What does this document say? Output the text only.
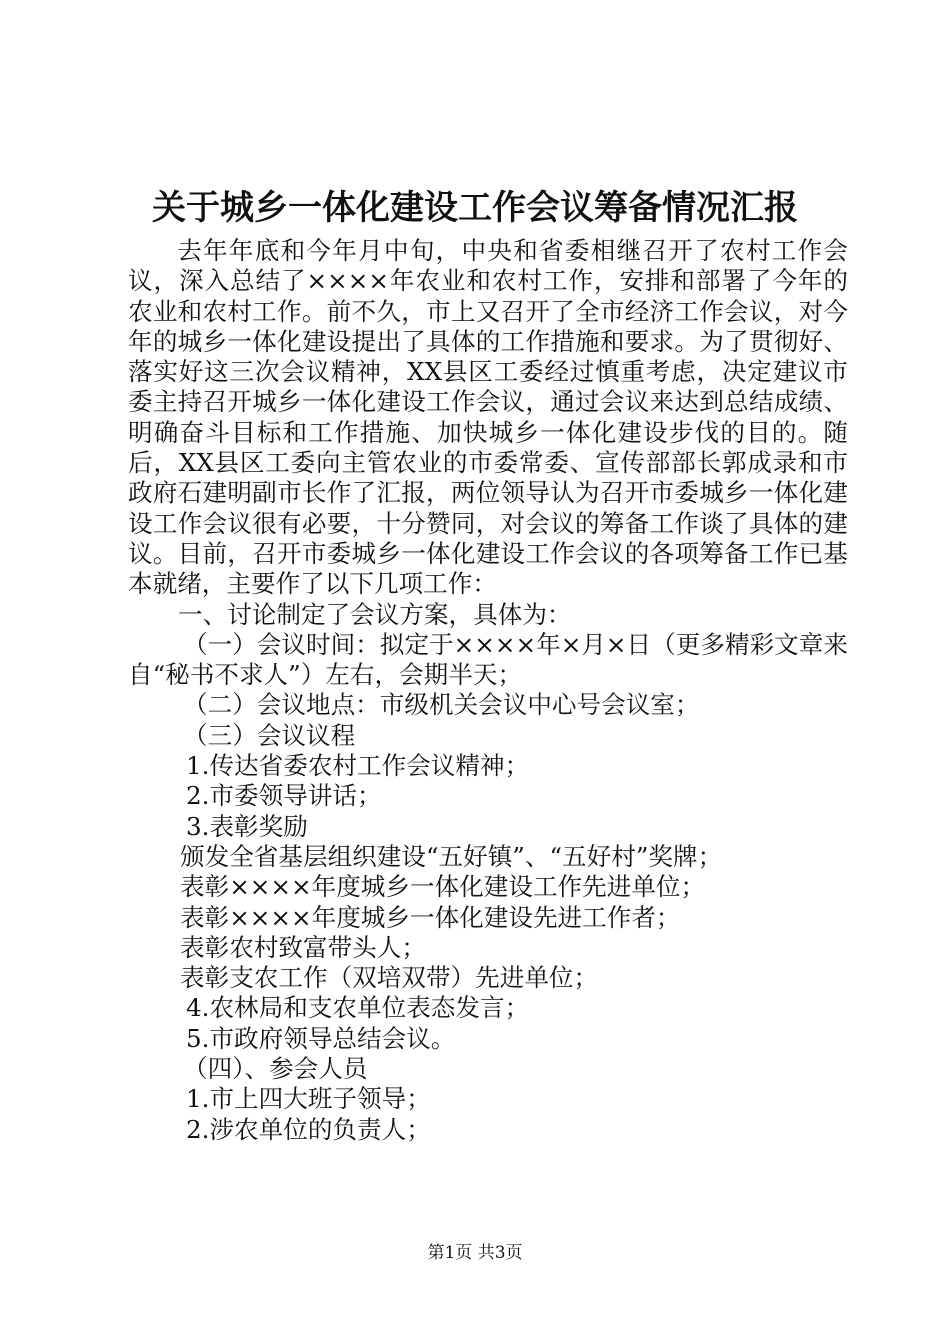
关于城乡一体化建设工作会议筹备情况汇报

去年年底和今年月中旬，中央和省委相继召开了农村工作会议，深入总结了××××年农业和农村工作，安排和部署了今年的农业和农村工作。前不久，市上又召开了全市经济工作会议，对今年的城乡一体化建设提出了具体的工作措施和要求。为了贯彻好、落实好这三次会议精神，XX县区工委经过慎重考虑，决定建议市委主持召开城乡一体化建设工作会议，通过会议来达到总结成绩、明确奋斗目标和工作措施、加快城乡一体化建设步伐的目的。随后，XX县区工委向主管农业的市委常委、宣传部部长郭成录和市政府石建明副市长作了汇报，两位领导认为召开市委城乡一体化建设工作会议很有必要，十分赞同，对会议的筹备工作谈了具体的建议。目前，召开市委城乡一体化建设工作会议的各项筹备工作已基本就绪，主要作了以下几项工作：

一、讨论制定了会议方案，具体为：

（一）会议时间：拟定于××××年×月×日（更多精彩文章来自“秘书不求人”）左右，会期半天；

（二）会议地点：市级机关会议中心号会议室；

（三）会议议程

1.传达省委农村工作会议精神；

2.市委领导讲话；

3.表彰奖励

颁发全省基层组织建设“五好镇”、“五好村”奖牌；

表彰××××年度城乡一体化建设工作先进单位；

表彰××××年度城乡一体化建设先进工作者；

表彰农村致富带头人；

表彰支农工作（双培双带）先进单位；

4.农林局和支农单位表态发言；

5.市政府领导总结会议。

（四）、参会人员

1.市上四大班子领导；

2.涉农单位的负责人；

第1页 共3页
